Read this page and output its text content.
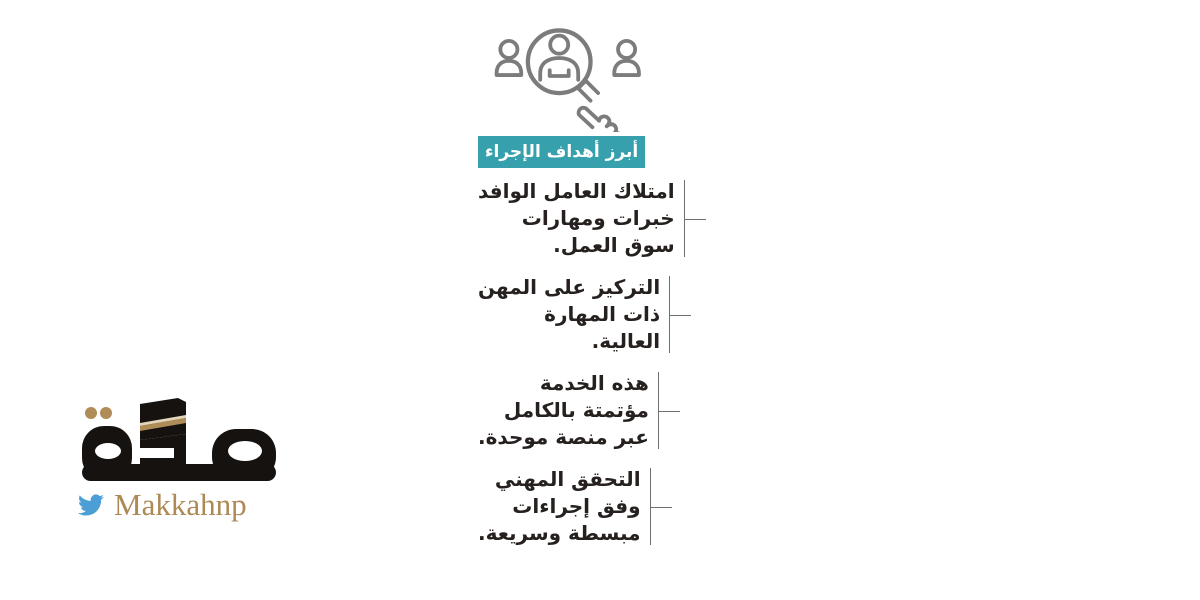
أبرز أهداف الإجراء
امتلاك العامل الوافد
خبرات ومهارات
سوق العمل.
التركيز على المهن
ذات المهارة
العالية.
هذه الخدمة
مؤتمتة بالكامل
عبر منصة موحدة.
التحقق المهني
وفق إجراءات
مبسطة وسريعة.
Makkahnp
